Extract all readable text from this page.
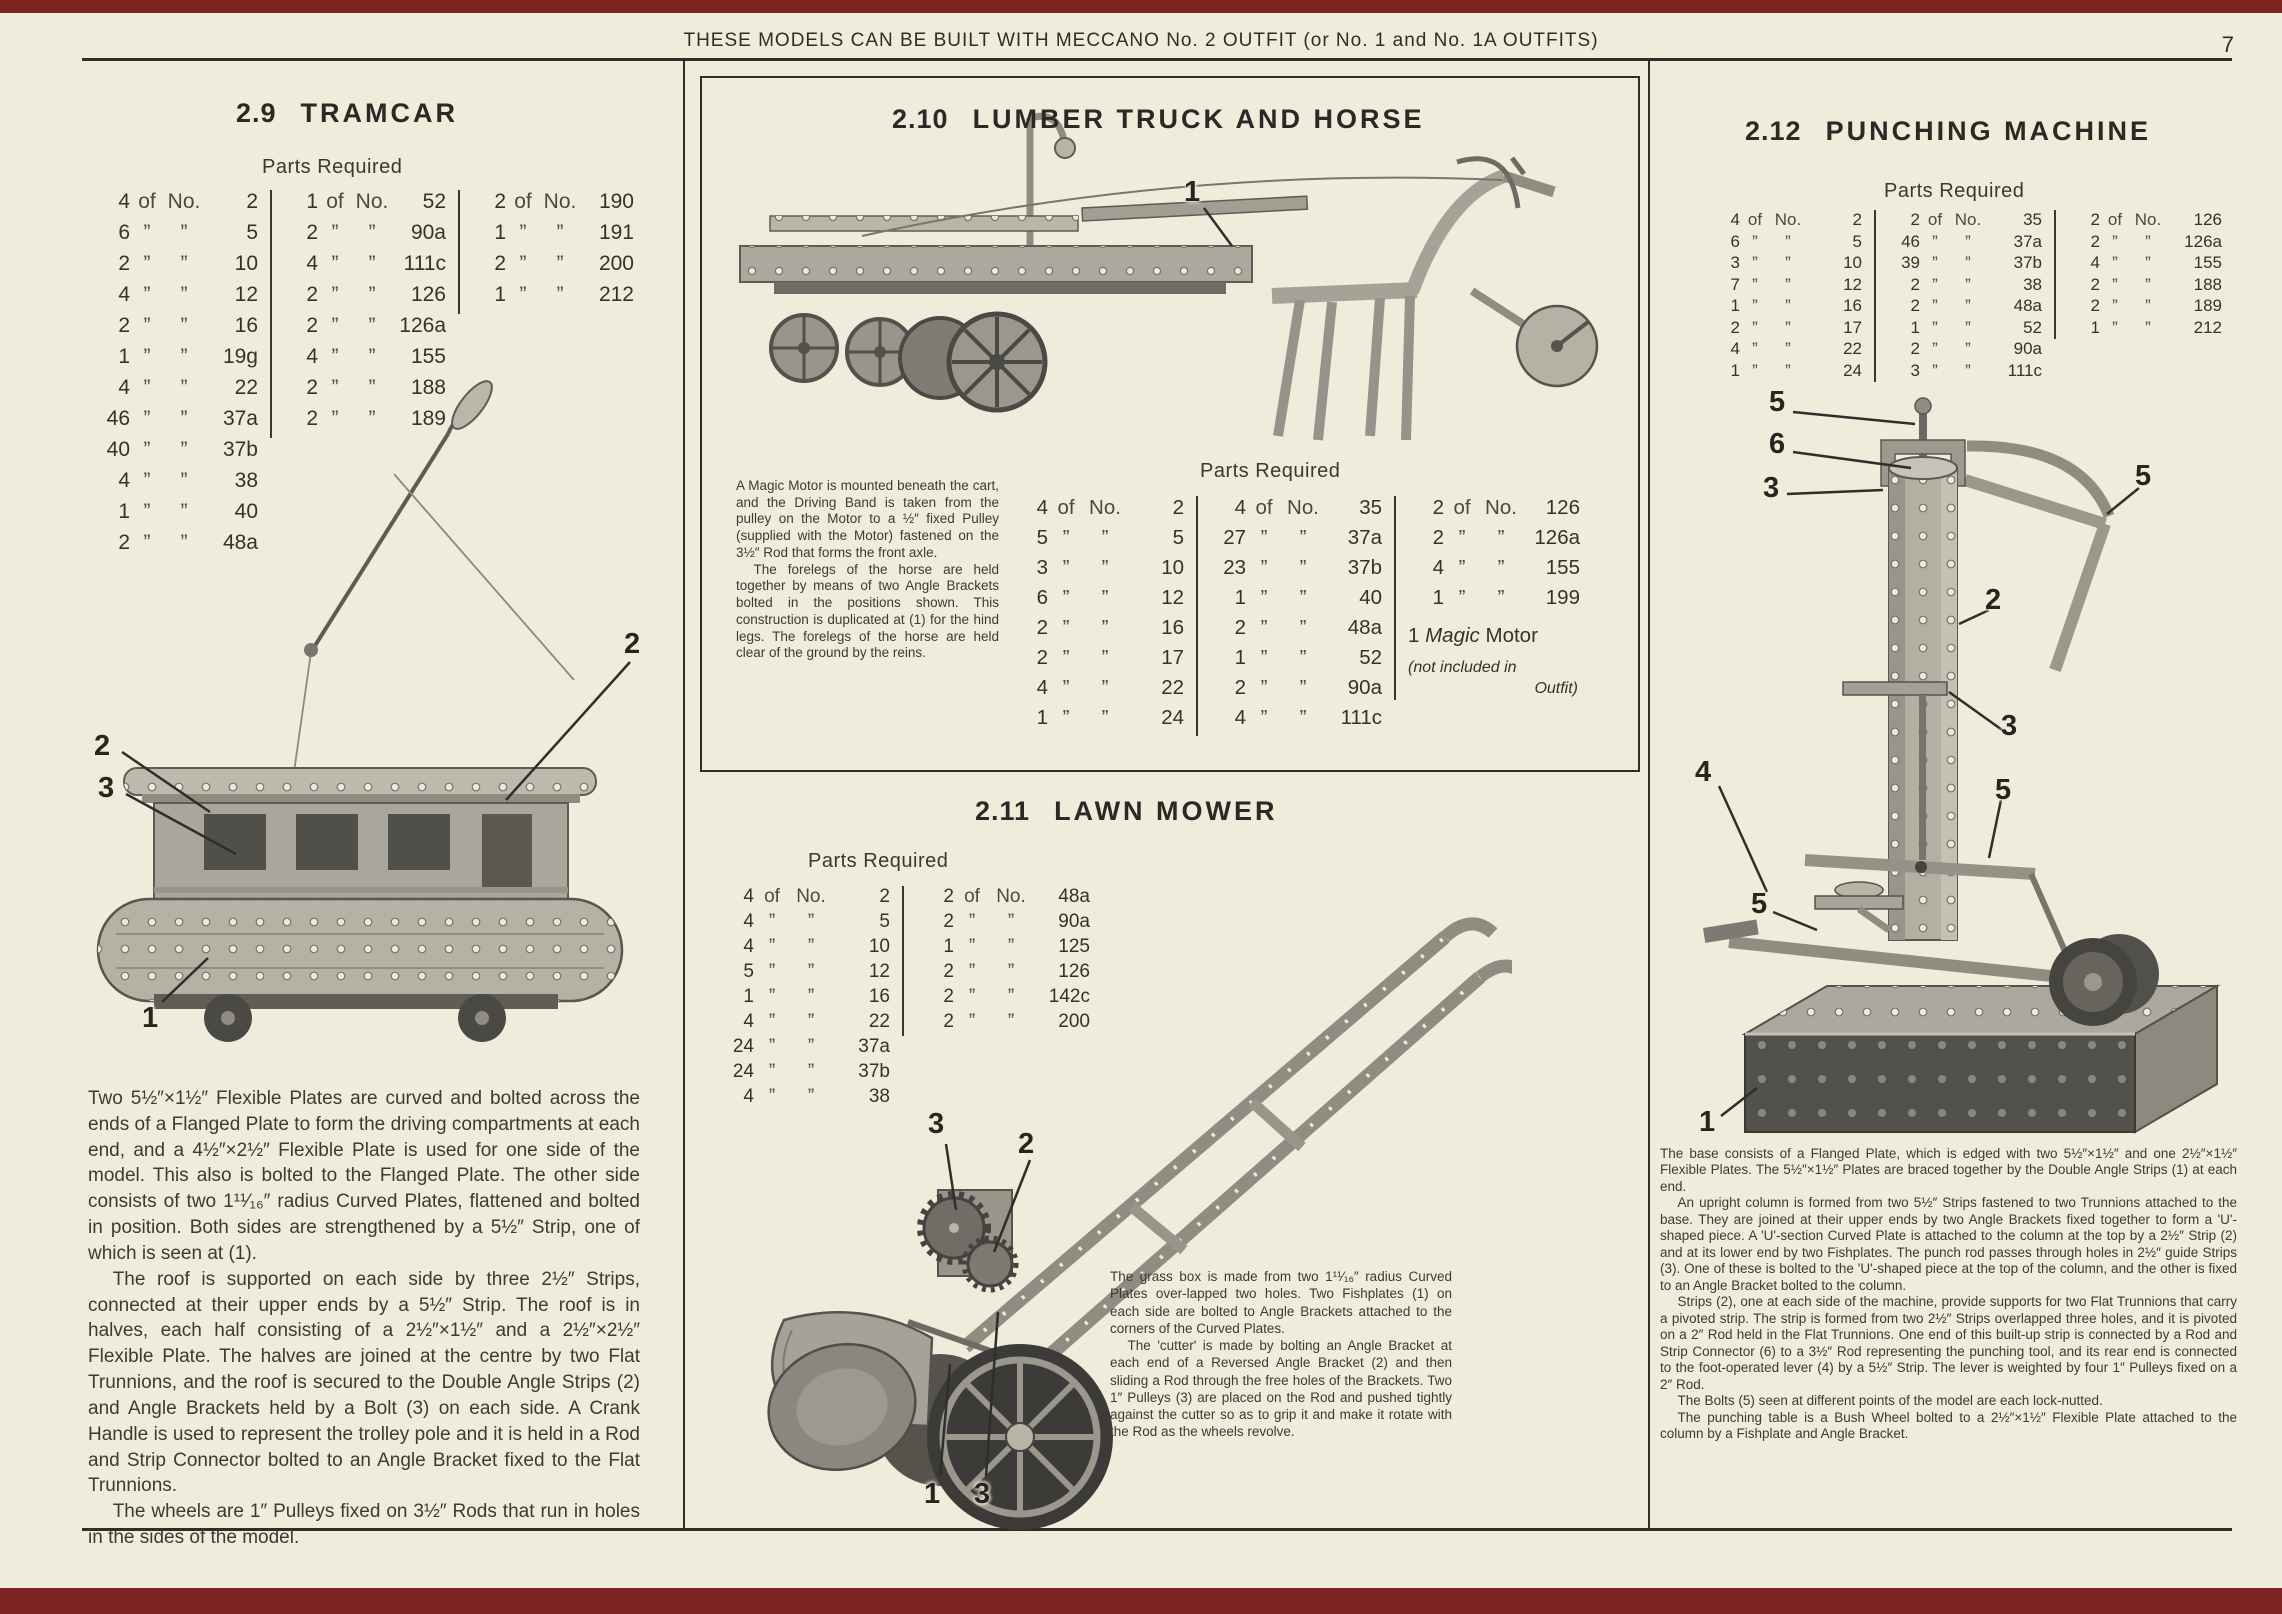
THESE MODELS CAN BE BUILT WITH MECCANO No. 2 OUTFIT (or No. 1 and No. 1A OUTFITS)	7
2.9 TRAMCAR
Parts Required
4 of No.	2
6 ”	”	5
2 ”	”	10
4 ”	”	12
2 ”	”	16
1 ”	”	19g
4 ”	”	22
46 ”	”	37a
40 ”	”	37b
4 ”	”	38
1 ”	”	40
2 ”	”	48a
1 of No.	52
2 ”	”	90a
4 ”	”	111c
2 ”	”	126
2 ”	”	126a
4 ”	”	155
2 ”	”	188
2 ”	”	189
2 of No.	190
1 ”	”	191
2 ”	”	200
1 ”	”	212
2
2
3
1

Two 5½″×1½″ Flexible Plates are curved and bolted across the ends of a Flanged Plate to form the driving compartments at each end, and a 4½″×2½″ Flexible Plate is used for one side of the model. This also is bolted to the Flanged Plate. The other side consists of two 1¹¹⁄₁₆″ radius Curved Plates, flattened and bolted in position. Both sides are strengthened by a 5½″ Strip, one of which is seen at (1).

The roof is supported on each side by three 2½″ Strips, connected at their upper ends by a 5½″ Strip. The roof is in halves, each half consisting of a 2½″×1½″ and a 2½″×2½″ Flexible Plate. The halves are joined at the centre by two Flat Trunnions, and the roof is secured to the Double Angle Strips (2) and Angle Brackets held by a Bolt (3) on each side. A Crank Handle is used to represent the trolley pole and it is held in a Rod and Strip Connector bolted to an Angle Bracket fixed to the Flat Trunnions.

The wheels are 1″ Pulleys fixed on 3½″ Rods that run in holes in the sides of the model.

1
2.10 LUMBER TRUCK AND HORSE
Parts Required
4 of No.	2
5 ”	”	5
3 ”	”	10
6 ”	”	12
2 ”	”	16
2 ”	”	17
4 ”	”	22
1 ”	”	24
4 of No.	35
27 ”	”	37a
23 ”	”	37b
1 ”	”	40
2 ”	”	48a
1 ”	”	52
2 ”	”	90a
4 ”	”	111c
2 of No.	126
2 ”	”	126a
4 ”	”	155
1 ”	”	199
1 Magic Motor
(not included in
Outfit)

A Magic Motor is mounted beneath the cart, and the Driving Band is taken from the pulley on the Motor to a ½″ fixed Pulley (supplied with the Motor) fastened on the 3½″ Rod that forms the front axle.

The forelegs of the horse are held together by means of two Angle Brackets bolted in the positions shown. This construction is duplicated at (1) for the hind legs. The forelegs of the horse are held clear of the ground by the reins.

3
2
1 3
2.11 LAWN MOWER
Parts Required
4 of No.	2
4 ”	”	5
4 ”	”	10
5 ”	”	12
1 ”	”	16
4 ”	”	22
24 ”	”	37a
24 ”	”	37b
4 ”	”	38
2 of No.	48a
2 ”	”	90a
1 ”	”	125
2 ”	”	126
2 ”	”	142c
2 ”	”	200

The grass box is made from two 1¹¹⁄₁₆″ radius Curved Plates over-lapped two holes. Two Fishplates (1) on each side are bolted to Angle Brackets attached to the corners of the Curved Plates.

The 'cutter' is made by bolting an Angle Bracket at each end of a Reversed Angle Bracket (2) and then sliding a Rod through the free holes of the Brackets. Two 1″ Pulleys (3) are placed on the Rod and pushed tightly against the cutter so as to grip it and make it rotate with the Rod as the wheels revolve.

2.12 PUNCHING MACHINE
Parts Required
4 of No.	2
6 ”	”	5
3 ”	”	10
7 ”	”	12
1 ”	”	16
2 ”	”	17
4 ”	”	22
1 ”	”	24
2 of No.	35
46 ”	”	37a
39 ”	”	37b
2 ”	”	38
2 ”	”	48a
1 ”	”	52
2 ”	”	90a
3 ”	”	111c
2 of No.	126
2 ”	”	126a
4 ”	”	155
2 ”	”	188
2 ”	”	189
1 ”	”	212
5
6
3	5
2
3
4
5
5
1

The base consists of a Flanged Plate, which is edged with two 5½″×1½″ and one 2½″×1½″ Flexible Plates. The 5½″×1½″ Plates are braced together by the Double Angle Strips (1) at each end.

An upright column is formed from two 5½″ Strips fastened to two Trunnions attached to the base. They are joined at their upper ends by two Angle Brackets fixed together to form a 'U'-shaped piece. A 'U'-section Curved Plate is attached to the column at the top by a 2½″ Strip (2) and at its lower end by two Fishplates. The punch rod passes through holes in 2½″ guide Strips (3). One of these is bolted to the 'U'-shaped piece at the top of the column, and the other is fixed to an Angle Bracket bolted to the column.

Strips (2), one at each side of the machine, provide supports for two Flat Trunnions that carry a pivoted strip. The strip is formed from two 2½″ Strips overlapped three holes, and it is pivoted on a 2″ Rod held in the Flat Trunnions. One end of this built-up strip is connected by a Rod and Strip Connector (6) to a 3½″ Rod representing the punching tool, and its rear end is connected to the foot-operated lever (4) by a 5½″ Strip. The lever is weighted by four 1″ Pulleys fixed on a 2″ Rod.

The Bolts (5) seen at different points of the model are each lock-nutted.

The punching table is a Bush Wheel bolted to a 2½″×1½″ Flexible Plate attached to the column by a Fishplate and Angle Bracket.
